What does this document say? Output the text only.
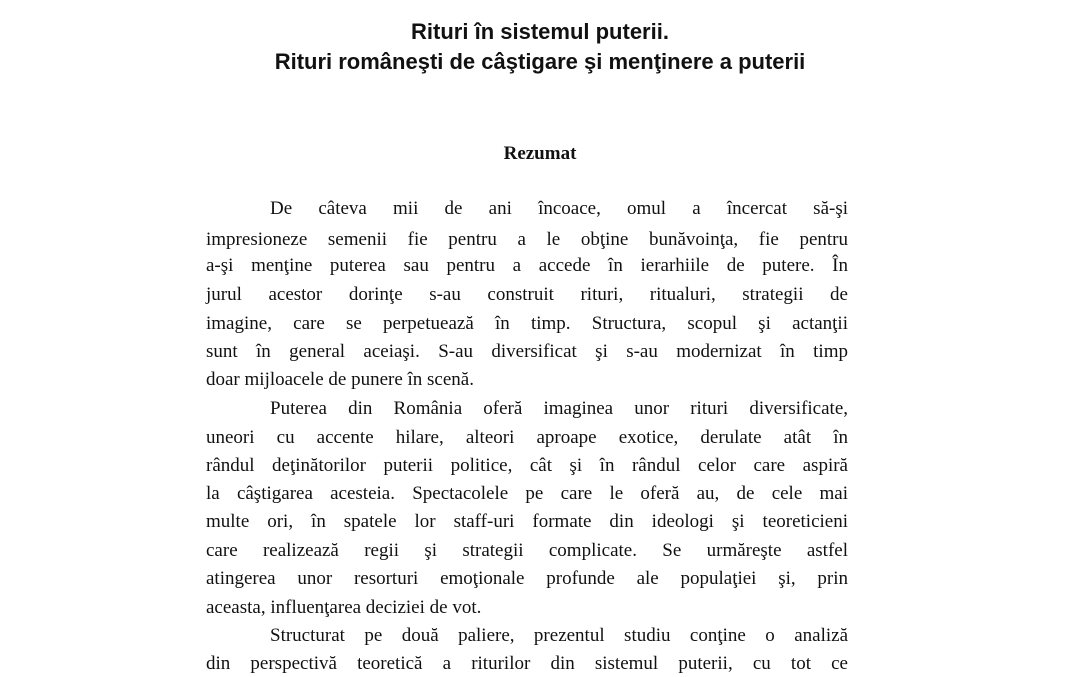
Rituri în sistemul puterii.
Rituri româneşti de câştigare şi menţinere a puterii
Rezumat

De câteva mii de ani încoace, omul a încercat să-şi

impresioneze semenii fie pentru a le obţine bunăvoinţa, fie pentru

a-şi menţine puterea sau pentru a accede în ierarhiile de putere. În

jurul acestor dorinţe s-au construit rituri, ritualuri, strategii de

imagine, care se perpetuează în timp. Structura, scopul şi actanţii

sunt în general aceiaşi. S-au diversificat şi s-au modernizat în timp

doar mijloacele de punere în scenă.

Puterea din România oferă imaginea unor rituri diversificate,

uneori cu accente hilare, alteori aproape exotice, derulate atât în

rândul deţinătorilor puterii politice, cât şi în rândul celor care aspiră

la câştigarea acesteia. Spectacolele pe care le oferă au, de cele mai

multe ori, în spatele lor staff-uri formate din ideologi şi teoreticieni

care realizează regii şi strategii complicate. Se urmăreşte astfel

atingerea unor resorturi emoţionale profunde ale populaţiei şi, prin

aceasta, influenţarea deciziei de vot.

Structurat pe două paliere, prezentul studiu conţine o analiză

din perspectivă teoretică a riturilor din sistemul puterii, cu tot ce
